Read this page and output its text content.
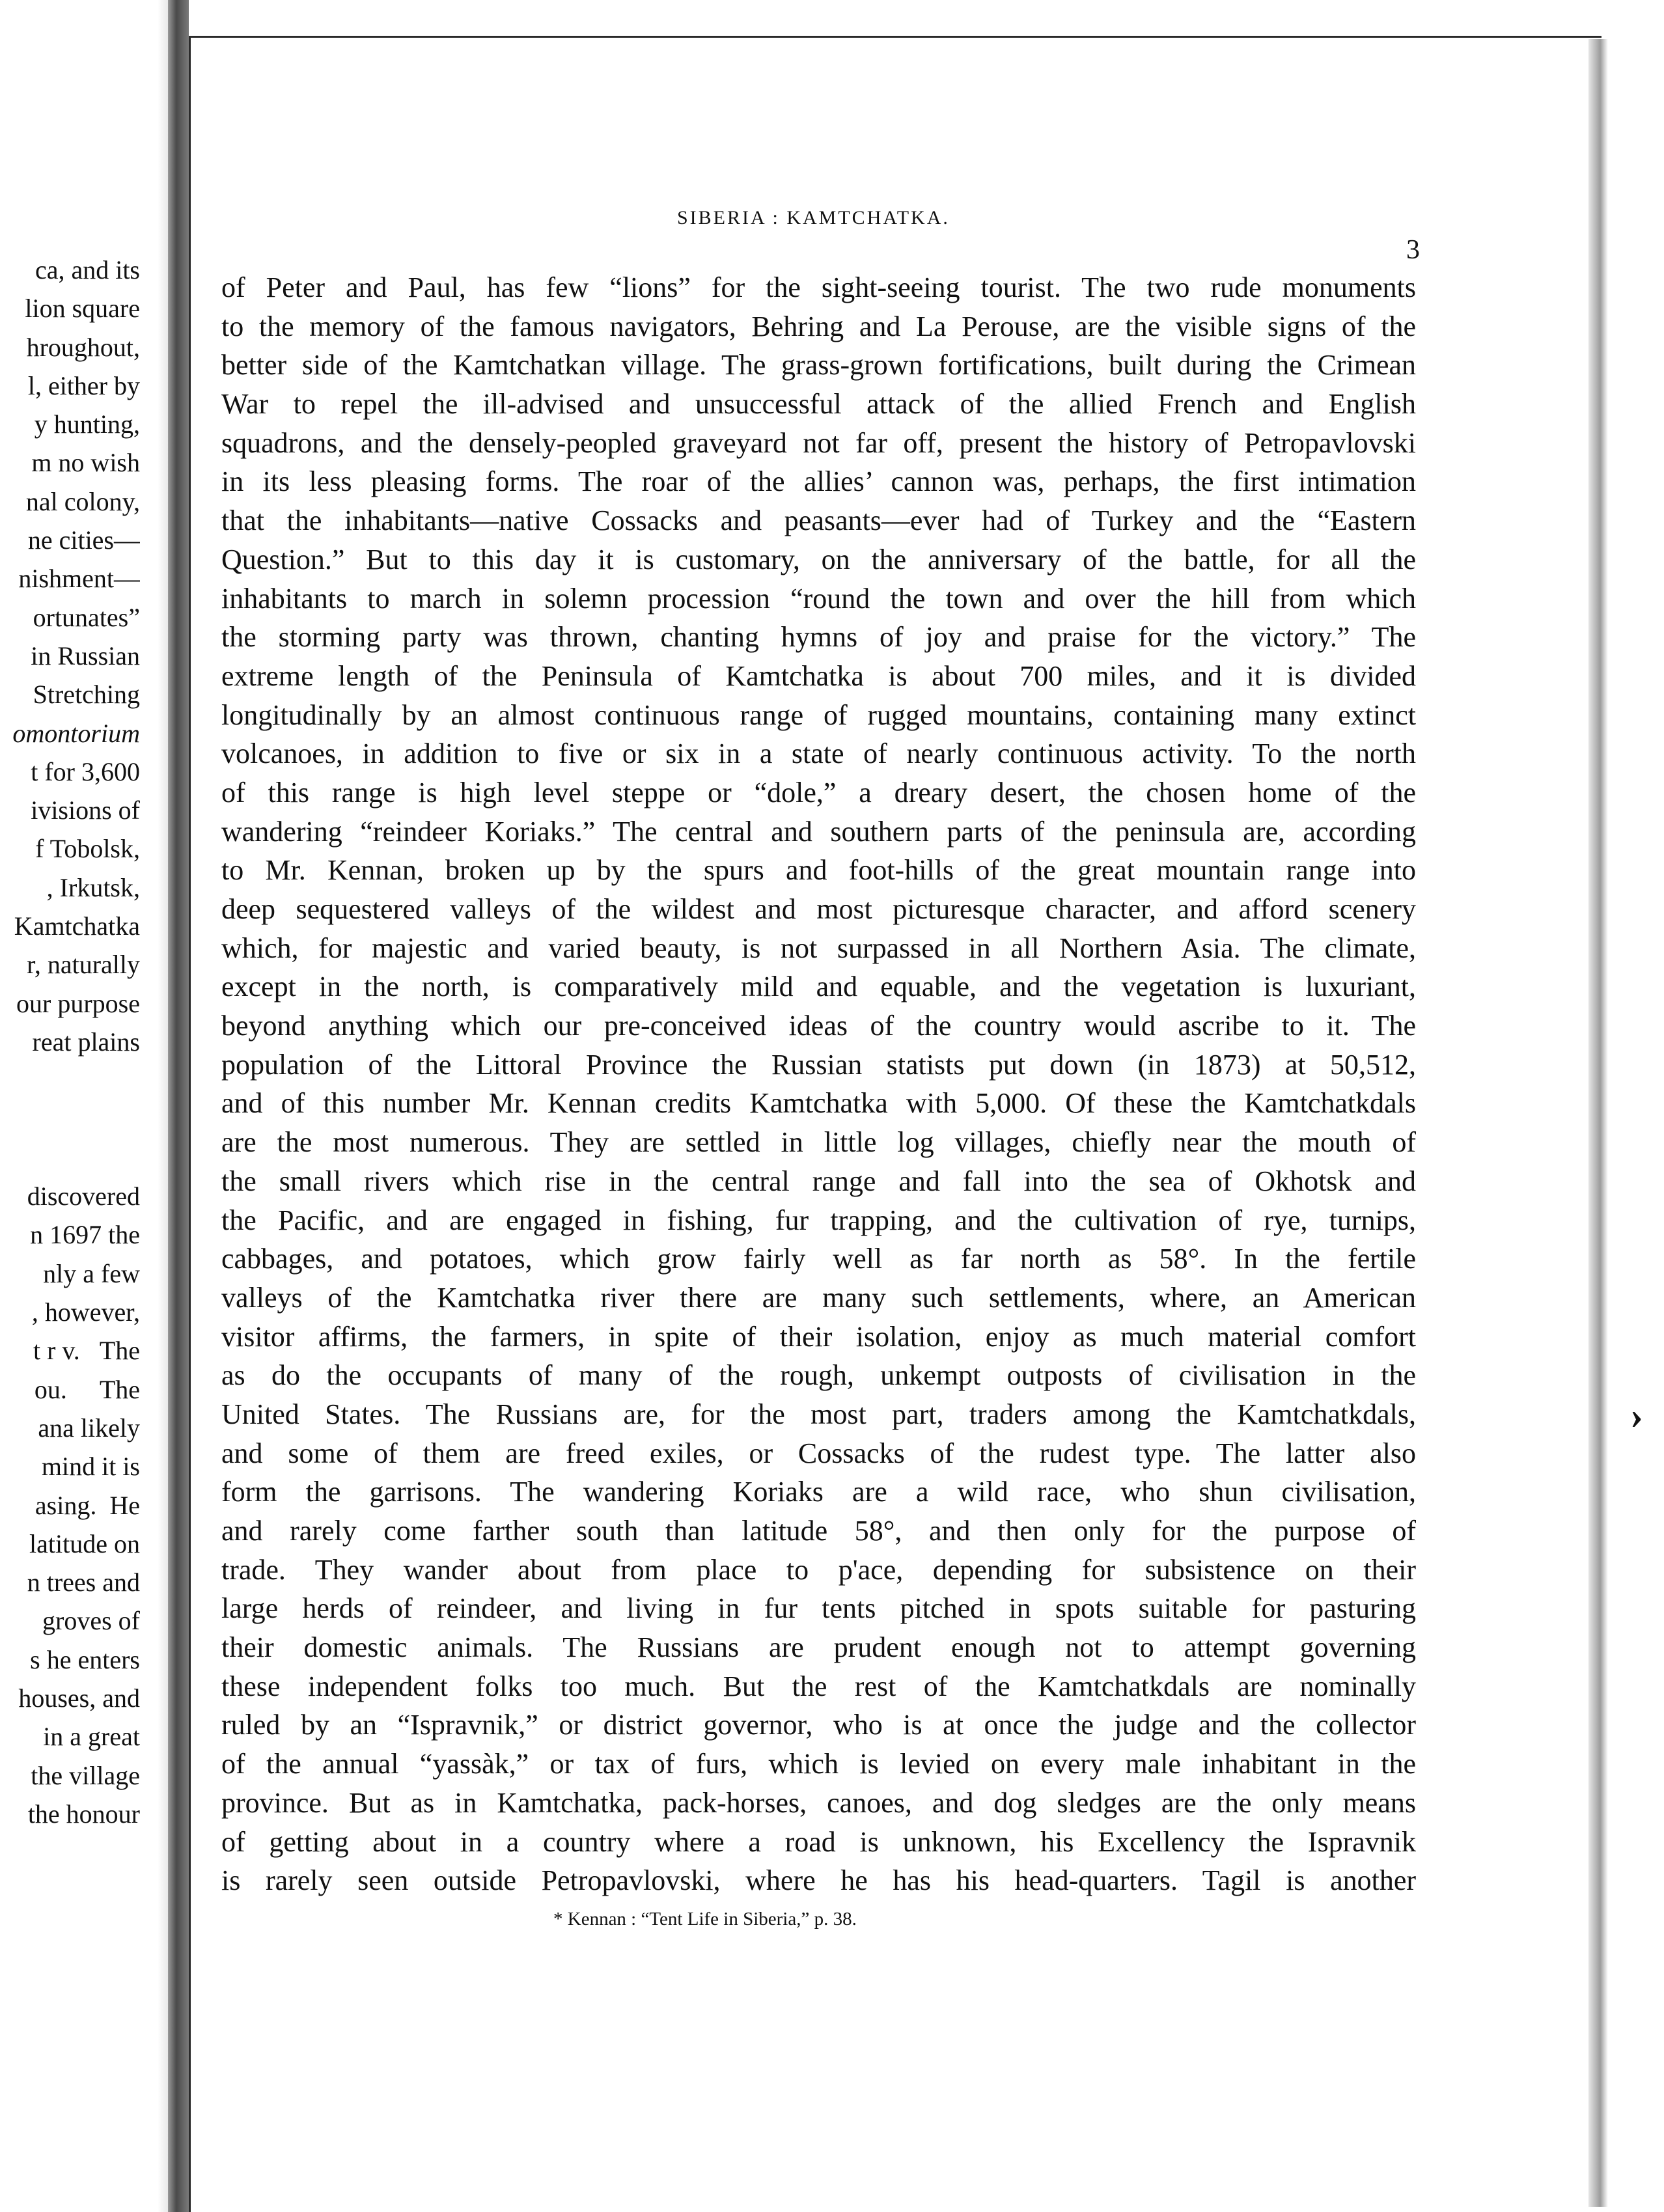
ca, and its
lion square
hroughout,
l, either by
y hunting,
m no wish
nal colony,
ne cities—
nishment—
ortunates”
in Russian
Stretching
omontorium
t for 3,600
ivisions of
f Tobolsk,
, Irkutsk,
Kamtchatka
r, naturally
our purpose
reat plains
discovered
n 1697 the
nly a few
, however,
t r v.   The
ou.     The
ana likely
mind it is
asing.  He
latitude on
n trees and
groves of
s he enters
houses, and
in a great
the village
the honour
SIBERIA : KAMTCHATKA.
3
of Peter and Paul, has few “lions” for the sight-seeing tourist. The two rude monuments
to the memory of the famous navigators, Behring and La Perouse, are the visible signs of the
better side of the Kamtchatkan village. The grass-grown fortifications, built during the Crimean
War to repel the ill-advised and unsuccessful attack of the allied French and English
squadrons, and the densely-peopled graveyard not far off, present the history of Petropavlovski
in its less pleasing forms. The roar of the allies’ cannon was, perhaps, the first intimation
that the inhabitants—native Cossacks and peasants—ever had of Turkey and the “Eastern
Question.” But to this day it is customary, on the anniversary of the battle, for all the
inhabitants to march in solemn procession “round the town and over the hill from which
the storming party was thrown, chanting hymns of joy and praise for the victory.” The
extreme length of the Peninsula of Kamtchatka is about 700 miles, and it is divided
longitudinally by an almost continuous range of rugged mountains, containing many extinct
volcanoes, in addition to five or six in a state of nearly continuous activity. To the north
of this range is high level steppe or “dole,” a dreary desert, the chosen home of the
wandering “reindeer Koriaks.” The central and southern parts of the peninsula are, according
to Mr. Kennan, broken up by the spurs and foot-hills of the great mountain range into
deep sequestered valleys of the wildest and most picturesque character, and afford scenery
which, for majestic and varied beauty, is not surpassed in all Northern Asia. The climate,
except in the north, is comparatively mild and equable, and the vegetation is luxuriant,
beyond anything which our pre-conceived ideas of the country would ascribe to it. The
population of the Littoral Province the Russian statists put down (in 1873) at 50,512,
and of this number Mr. Kennan credits Kamtchatka with 5,000. Of these the Kamtchatkdals
are the most numerous. They are settled in little log villages, chiefly near the mouth of
the small rivers which rise in the central range and fall into the sea of Okhotsk and
the Pacific, and are engaged in fishing, fur trapping, and the cultivation of rye, turnips,
cabbages, and potatoes, which grow fairly well as far north as 58°. In the fertile
valleys of the Kamtchatka river there are many such settlements, where, an American
visitor affirms, the farmers, in spite of their isolation, enjoy as much material comfort
as do the occupants of many of the rough, unkempt outposts of civilisation in the
United States. The Russians are, for the most part, traders among the Kamtchatkdals,
and some of them are freed exiles, or Cossacks of the rudest type. The latter also
form the garrisons. The wandering Koriaks are a wild race, who shun civilisation,
and rarely come farther south than latitude 58°, and then only for the purpose of
trade. They wander about from place to p'ace, depending for subsistence on their
large herds of reindeer, and living in fur tents pitched in spots suitable for pasturing
their domestic animals. The Russians are prudent enough not to attempt governing
these independent folks too much. But the rest of the Kamtchatkdals are nominally
ruled by an “Ispravnik,” or district governor, who is at once the judge and the collector
of the annual “yassàk,” or tax of furs, which is levied on every male inhabitant in the
province. But as in Kamtchatka, pack-horses, canoes, and dog sledges are the only means
of getting about in a country where a road is unknown, his Excellency the Ispravnik
is rarely seen outside Petropavlovski, where he has his head-quarters. Tagil is another
* Kennan : “Tent Life in Siberia,” p. 38.
›
